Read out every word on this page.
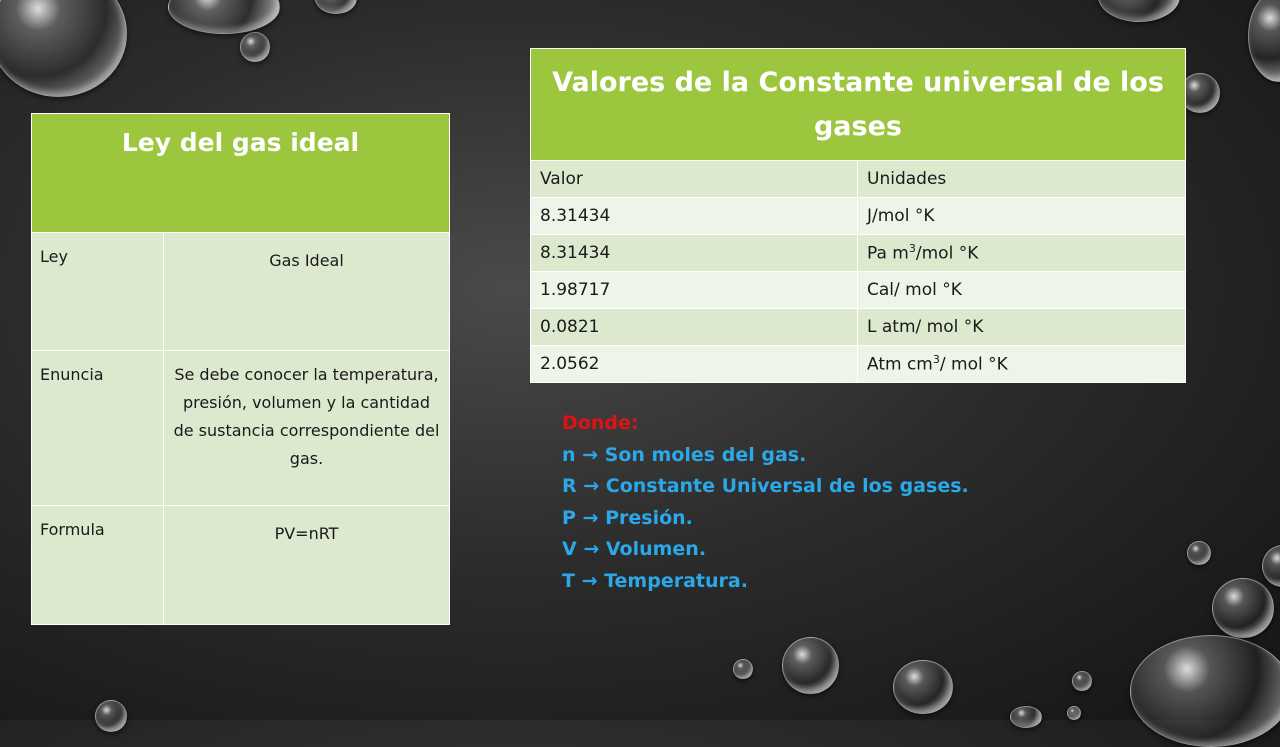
Ley del gas ideal	
Ley	Gas Ideal
Enuncia	Se debe conocer la temperatura, presión, volumen y la cantidad de sustancia correspondiente del gas.
Formula	PV=nRT
Valores de la Constante universal de los gases	
Valor	Unidades
8.31434	J/mol °K
8.31434	Pa $m^3$/mol °K
1.98717	Cal/ mol °K
0.0821	L atm/ mol °K
2.0562	Atm $cm^3/$ mol °K
Donde:
n → Son moles del gas.
R → Constante Universal de los gases.
P → Presión.
V → Volumen.
T → Temperatura.
